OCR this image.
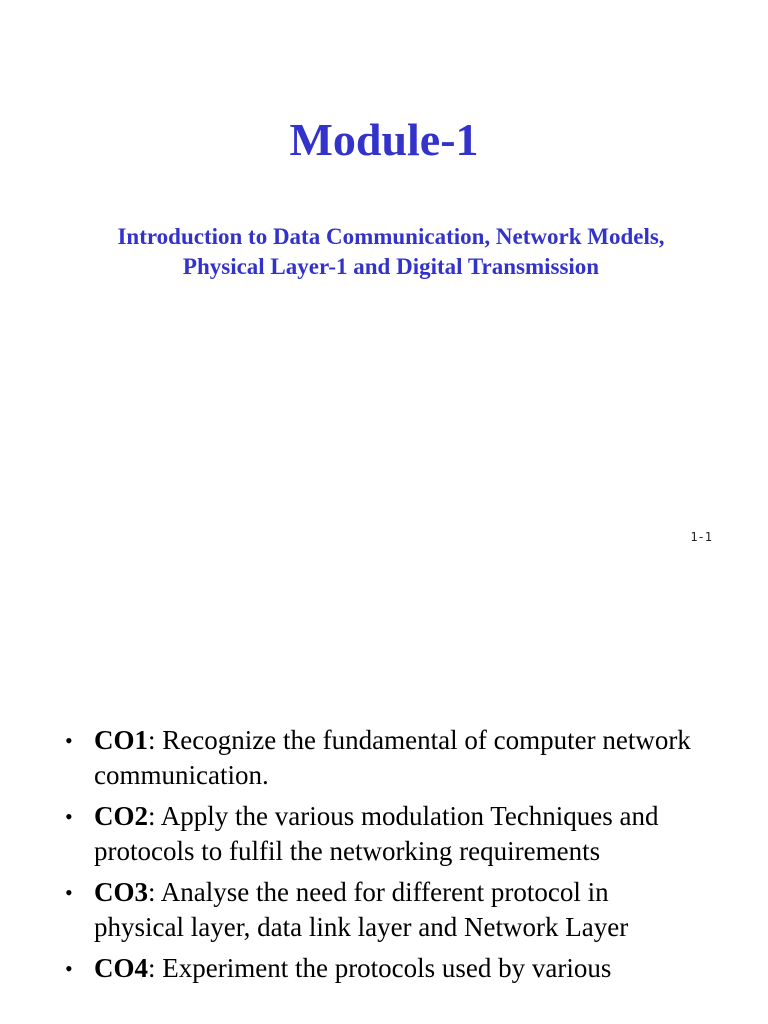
Module-1
Introduction to Data Communication, Network Models,
Physical Layer-1 and Digital Transmission
1-1
• CO1: Recognize the fundamental of computer network communication.
• CO2: Apply the various modulation Techniques and protocols to fulfil the networking requirements
• CO3: Analyse the need for different protocol in physical layer, data link layer and Network Layer
• CO4: Experiment the protocols used by various
